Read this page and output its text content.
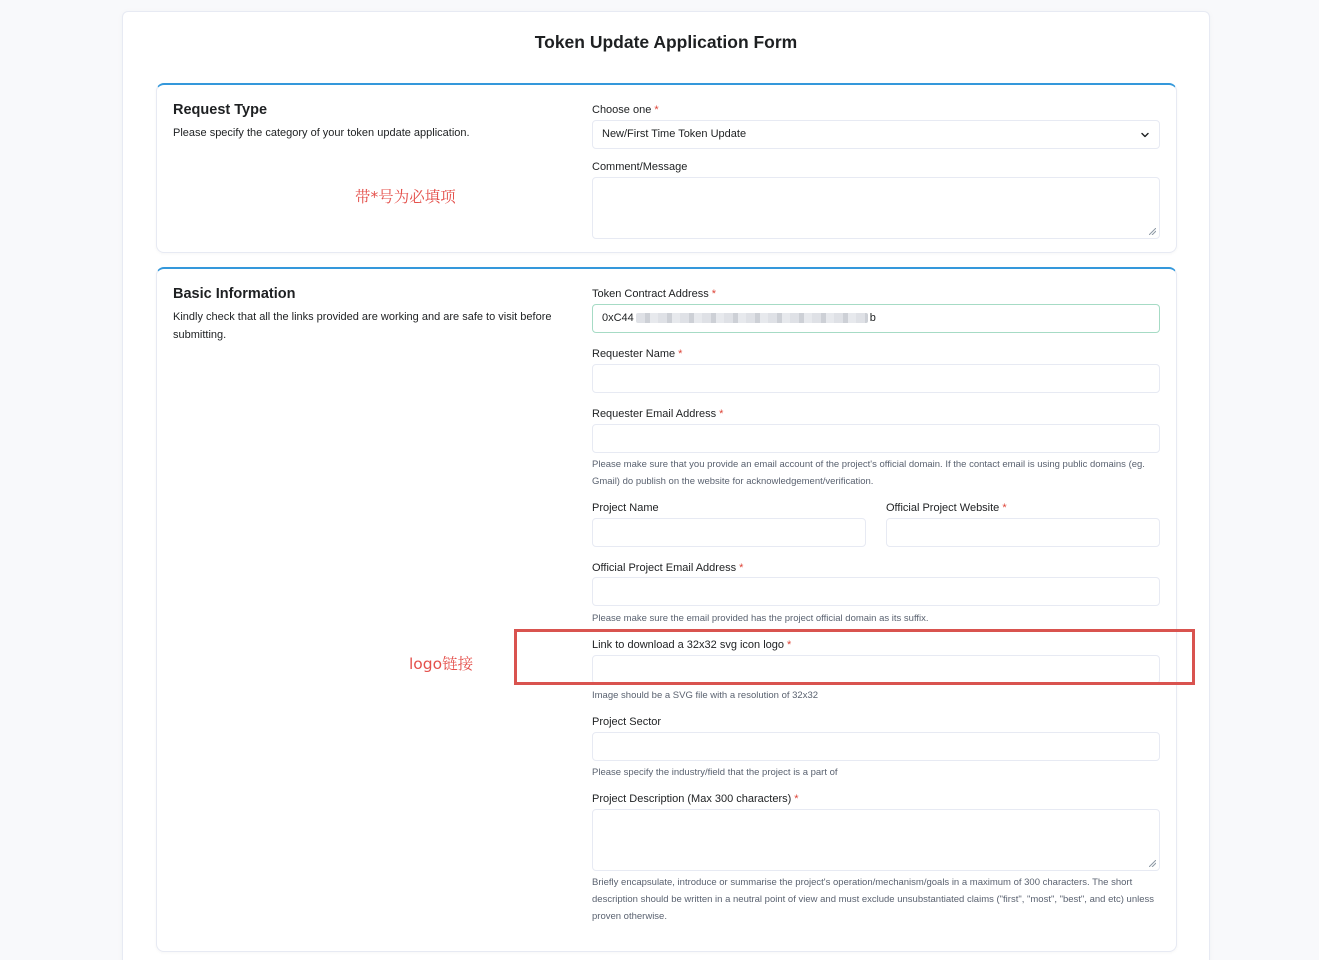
Token Update Application Form
Request Type
Please specify the category of your token update application.
Choose one *
New/First Time Token Update
Comment/Message
Basic Information
Kindly check that all the links provided are working and are safe to visit before submitting.
Token Contract Address *
0xC44	b
Requester Name *
Requester Email Address *
Please make sure that you provide an email account of the project's official domain. If the contact email is using public domains (eg. Gmail) do publish on the website for acknowledgement/verification.
Project Name	Official Project Website *
Official Project Email Address *
Please make sure the email provided has the project official domain as its suffix.
Link to download a 32x32 svg icon logo *
Image should be a SVG file with a resolution of 32x32
Project Sector
Please specify the industry/field that the project is a part of
Project Description (Max 300 characters) *
Briefly encapsulate, introduce or summarise the project's operation/mechanism/goals in a maximum of 300 characters. The short description should be written in a neutral point of view and must exclude unsubstantiated claims ("first", "most", "best", and etc) unless proven otherwise.
带*号为必填项
logo链接
